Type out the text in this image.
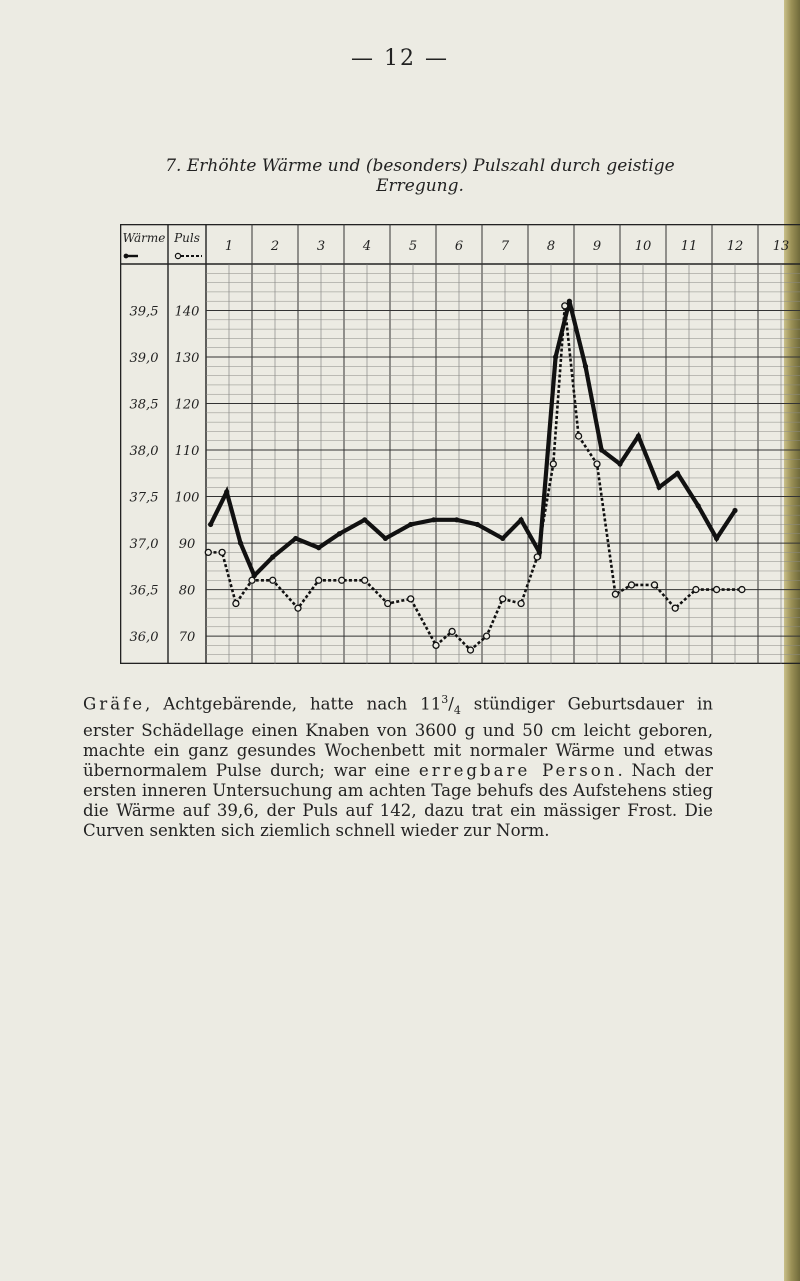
— 12 —
7. Erhöhte Wärme und (besonders) Pulszahl durch geistige
Erregung.
Wärme Puls
1	2	3	4	5	6	7	8	9	10 11 12 13
39,5
39,0
38,5
38,0
37,5
37,0
36,5
36,0
140
130
120
110
100
90
80
70

Gräfe, Achtgebärende, hatte nach $11^3/_4$ stündiger Geburtsdauer in erster Schädellage einen Knaben von 3600 g und 50 cm leicht geboren, machte ein ganz gesundes Wochenbett mit normaler Wärme und etwas übernormalem Pulse durch; war eine erregbare Person. Nach der ersten inneren Untersuchung am achten Tage behufs des Aufstehens stieg die Wärme auf 39,6, der Puls auf 142, dazu trat ein mässiger Frost. Die Curven senkten sich ziemlich schnell wieder zur Norm.
